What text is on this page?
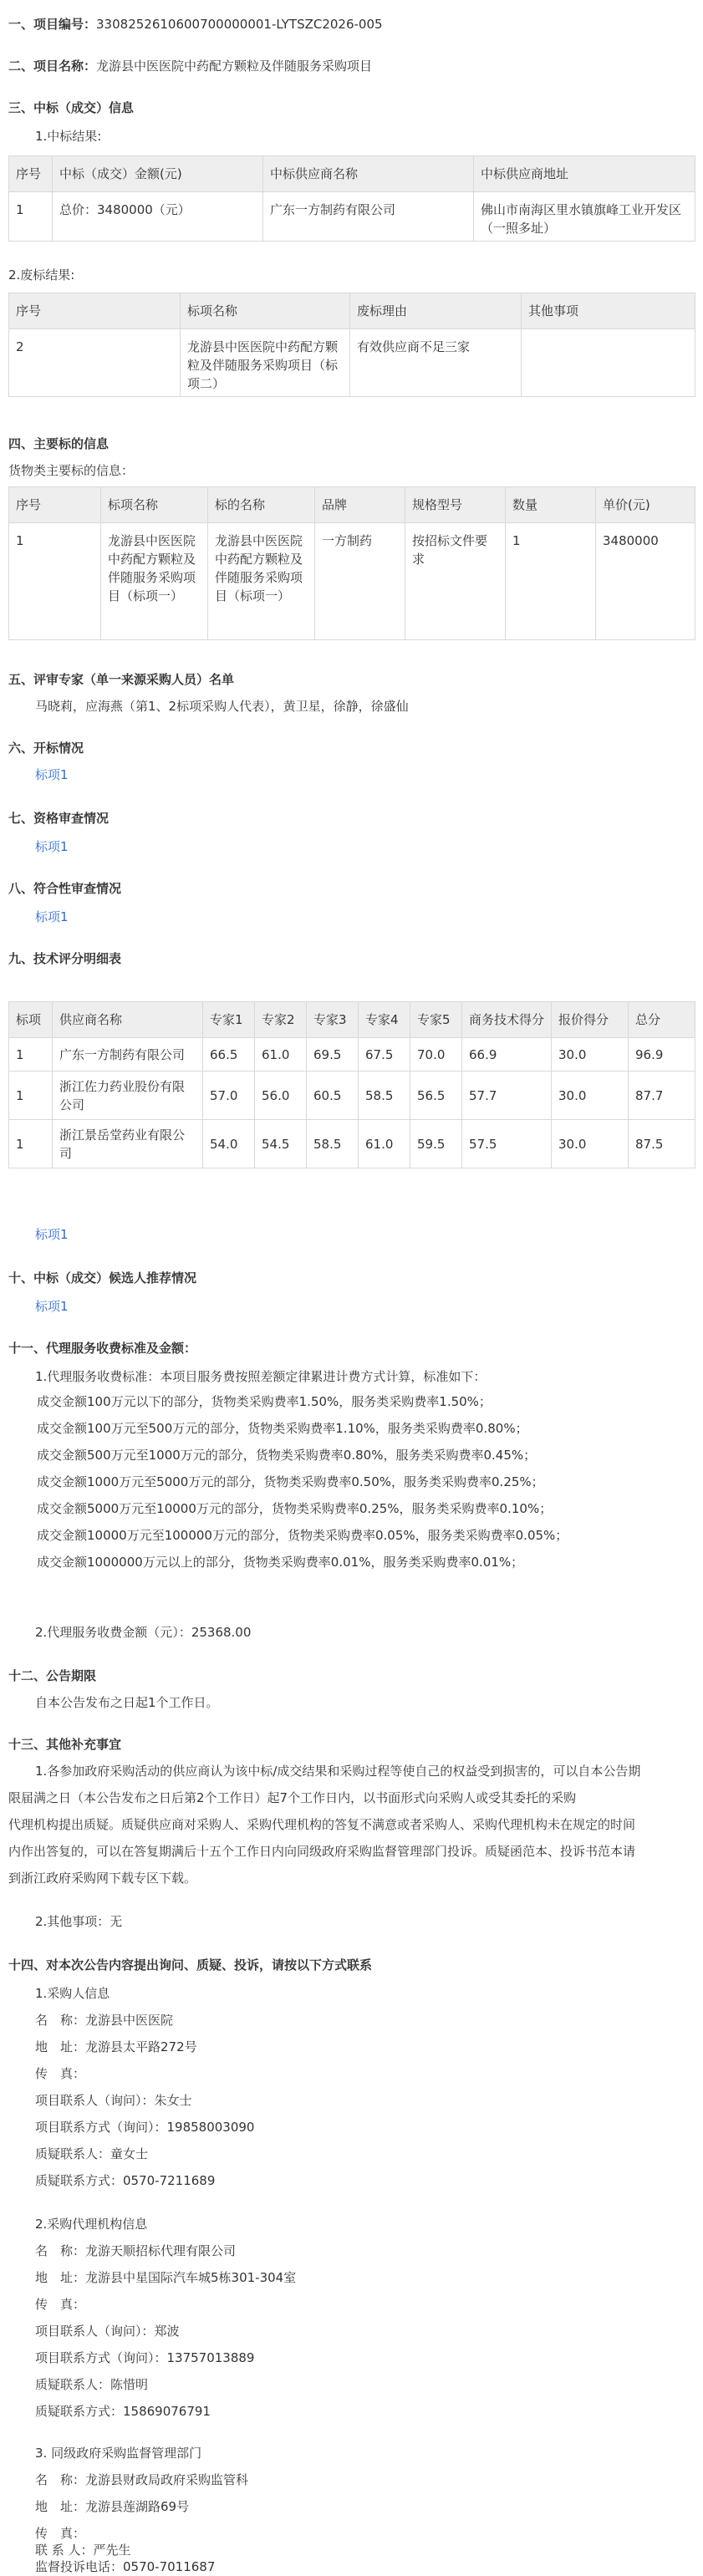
一、项目编号：3308252610600700000001-LYTSZC2026-005
二、项目名称：龙游县中医医院中药配方颗粒及伴随服务采购项目
三、中标（成交）信息
1.中标结果:
序号	中标（成交）金额(元)	中标供应商名称	中标供应商地址
1	总价：3480000（元）	广东一方制药有限公司	佛山市南海区里水镇旗峰工业开发区（一照多址）
2.废标结果:
序号	标项名称	废标理由	其他事项
2	龙游县中医医院中药配方颗粒及伴随服务采购项目（标项二）	有效供应商不足三家	
四、主要标的信息
货物类主要标的信息：
序号	标项名称	标的名称	品牌	规格型号	数量	单价(元)
1	龙游县中医医院中药配方颗粒及伴随服务采购项目（标项一）	龙游县中医医院中药配方颗粒及伴随服务采购项目（标项一）	一方制药	按招标文件要求	1	3480000
五、评审专家（单一来源采购人员）名单
马晓莉，应海燕（第1、2标项采购人代表），黄卫星，徐静，徐盛仙
六、开标情况
标项1
七、资格审查情况
标项1
八、符合性审查情况
标项1
九、技术评分明细表
标项	供应商名称	专家1	专家2	专家3	专家4	专家5	商务技术得分	报价得分	总分
1	广东一方制药有限公司	66.5	61.0	69.5	67.5	70.0	66.9	30.0	96.9
1	浙江佐力药业股份有限公司	57.0	56.0	60.5	58.5	56.5	57.7	30.0	87.7
1	浙江景岳堂药业有限公司	54.0	54.5	58.5	61.0	59.5	57.5	30.0	87.5
标项1
十、中标（成交）候选人推荐情况
标项1
十一、代理服务收费标准及金额：
1.代理服务收费标准：本项目服务费按照差额定律累进计费方式计算，标准如下：
成交金额100万元以下的部分，货物类采购费率1.50%，服务类采购费率1.50%；
成交金额100万元至500万元的部分，货物类采购费率1.10%，服务类采购费率0.80%；
成交金额500万元至1000万元的部分，货物类采购费率0.80%，服务类采购费率0.45%；
成交金额1000万元至5000万元的部分，货物类采购费率0.50%，服务类采购费率0.25%；
成交金额5000万元至10000万元的部分，货物类采购费率0.25%，服务类采购费率0.10%；
成交金额10000万元至100000万元的部分，货物类采购费率0.05%，服务类采购费率0.05%；
成交金额1000000万元以上的部分，货物类采购费率0.01%，服务类采购费率0.01%；
2.代理服务收费金额（元）：25368.00
十二、公告期限
自本公告发布之日起1个工作日。
十三、其他补充事宜
1.各参加政府采购活动的供应商认为该中标/成交结果和采购过程等使自己的权益受到损害的，可以自本公告期
限届满之日（本公告发布之日后第2个工作日）起7个工作日内，以书面形式向采购人或受其委托的采购
代理机构提出质疑。质疑供应商对采购人、采购代理机构的答复不满意或者采购人、采购代理机构未在规定的时间
内作出答复的，可以在答复期满后十五个工作日内向同级政府采购监督管理部门投诉。质疑函范本、投诉书范本请
到浙江政府采购网下载专区下载。
2.其他事项：无
十四、对本次公告内容提出询问、质疑、投诉，请按以下方式联系
1.采购人信息
名　称：龙游县中医医院
地　址：龙游县太平路272号
传　真：
项目联系人（询问）：朱女士
项目联系方式（询问）：19858003090
质疑联系人：童女士
质疑联系方式：0570-7211689
2.采购代理机构信息
名　称：龙游天顺招标代理有限公司
地　址：龙游县中星国际汽车城5栋301-304室
传　真：
项目联系人（询问）：郑波
项目联系方式（询问）：13757013889
质疑联系人：陈惜明
质疑联系方式：15869076791
3. 同级政府采购监督管理部门
名　称：龙游县财政局政府采购监管科
地　址：龙游县莲湖路69号
传　真：
联 系 人：严先生
监督投诉电话：0570-7011687
